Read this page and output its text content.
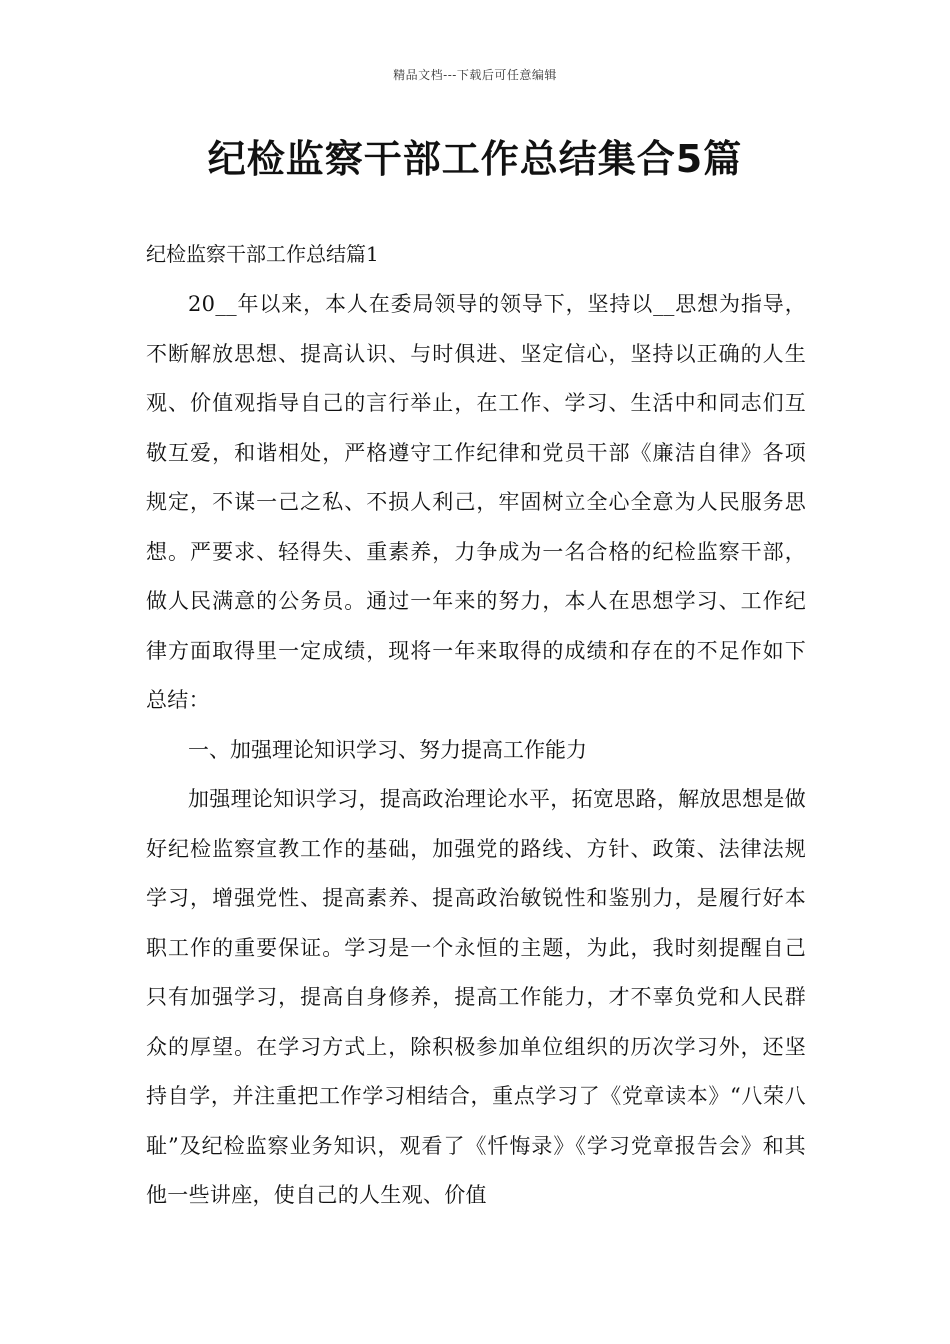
精品文档---下载后可任意编辑
纪检监察干部工作总结集合5篇
纪检监察干部工作总结篇1

20__年以来，本人在委局领导的领导下，坚持以__思想为指导，不断解放思想、提高认识、与时俱进、坚定信心，坚持以正确的人生观、价值观指导自己的言行举止，在工作、学习、生活中和同志们互敬互爱，和谐相处，严格遵守工作纪律和党员干部《廉洁自律》各项规定，不谋一己之私、不损人利己，牢固树立全心全意为人民服务思想。严要求、轻得失、重素养，力争成为一名合格的纪检监察干部，做人民满意的公务员。通过一年来的努力，本人在思想学习、工作纪律方面取得里一定成绩，现将一年来取得的成绩和存在的不足作如下总结：

一、加强理论知识学习、努力提高工作能力

加强理论知识学习，提高政治理论水平，拓宽思路，解放思想是做好纪检监察宣教工作的基础，加强党的路线、方针、政策、法律法规学习，增强党性、提高素养、提高政治敏锐性和鉴别力，是履行好本职工作的重要保证。学习是一个永恒的主题，为此，我时刻提醒自己只有加强学习，提高自身修养，提高工作能力，才不辜负党和人民群众的厚望。在学习方式上，除积极参加单位组织的历次学习外，还坚持自学，并注重把工作学习相结合，重点学习了《党章读本》“八荣八耻”及纪检监察业务知识，观看了《忏悔录》《学习党章报告会》和其他一些讲座，使自己的人生观、价值
